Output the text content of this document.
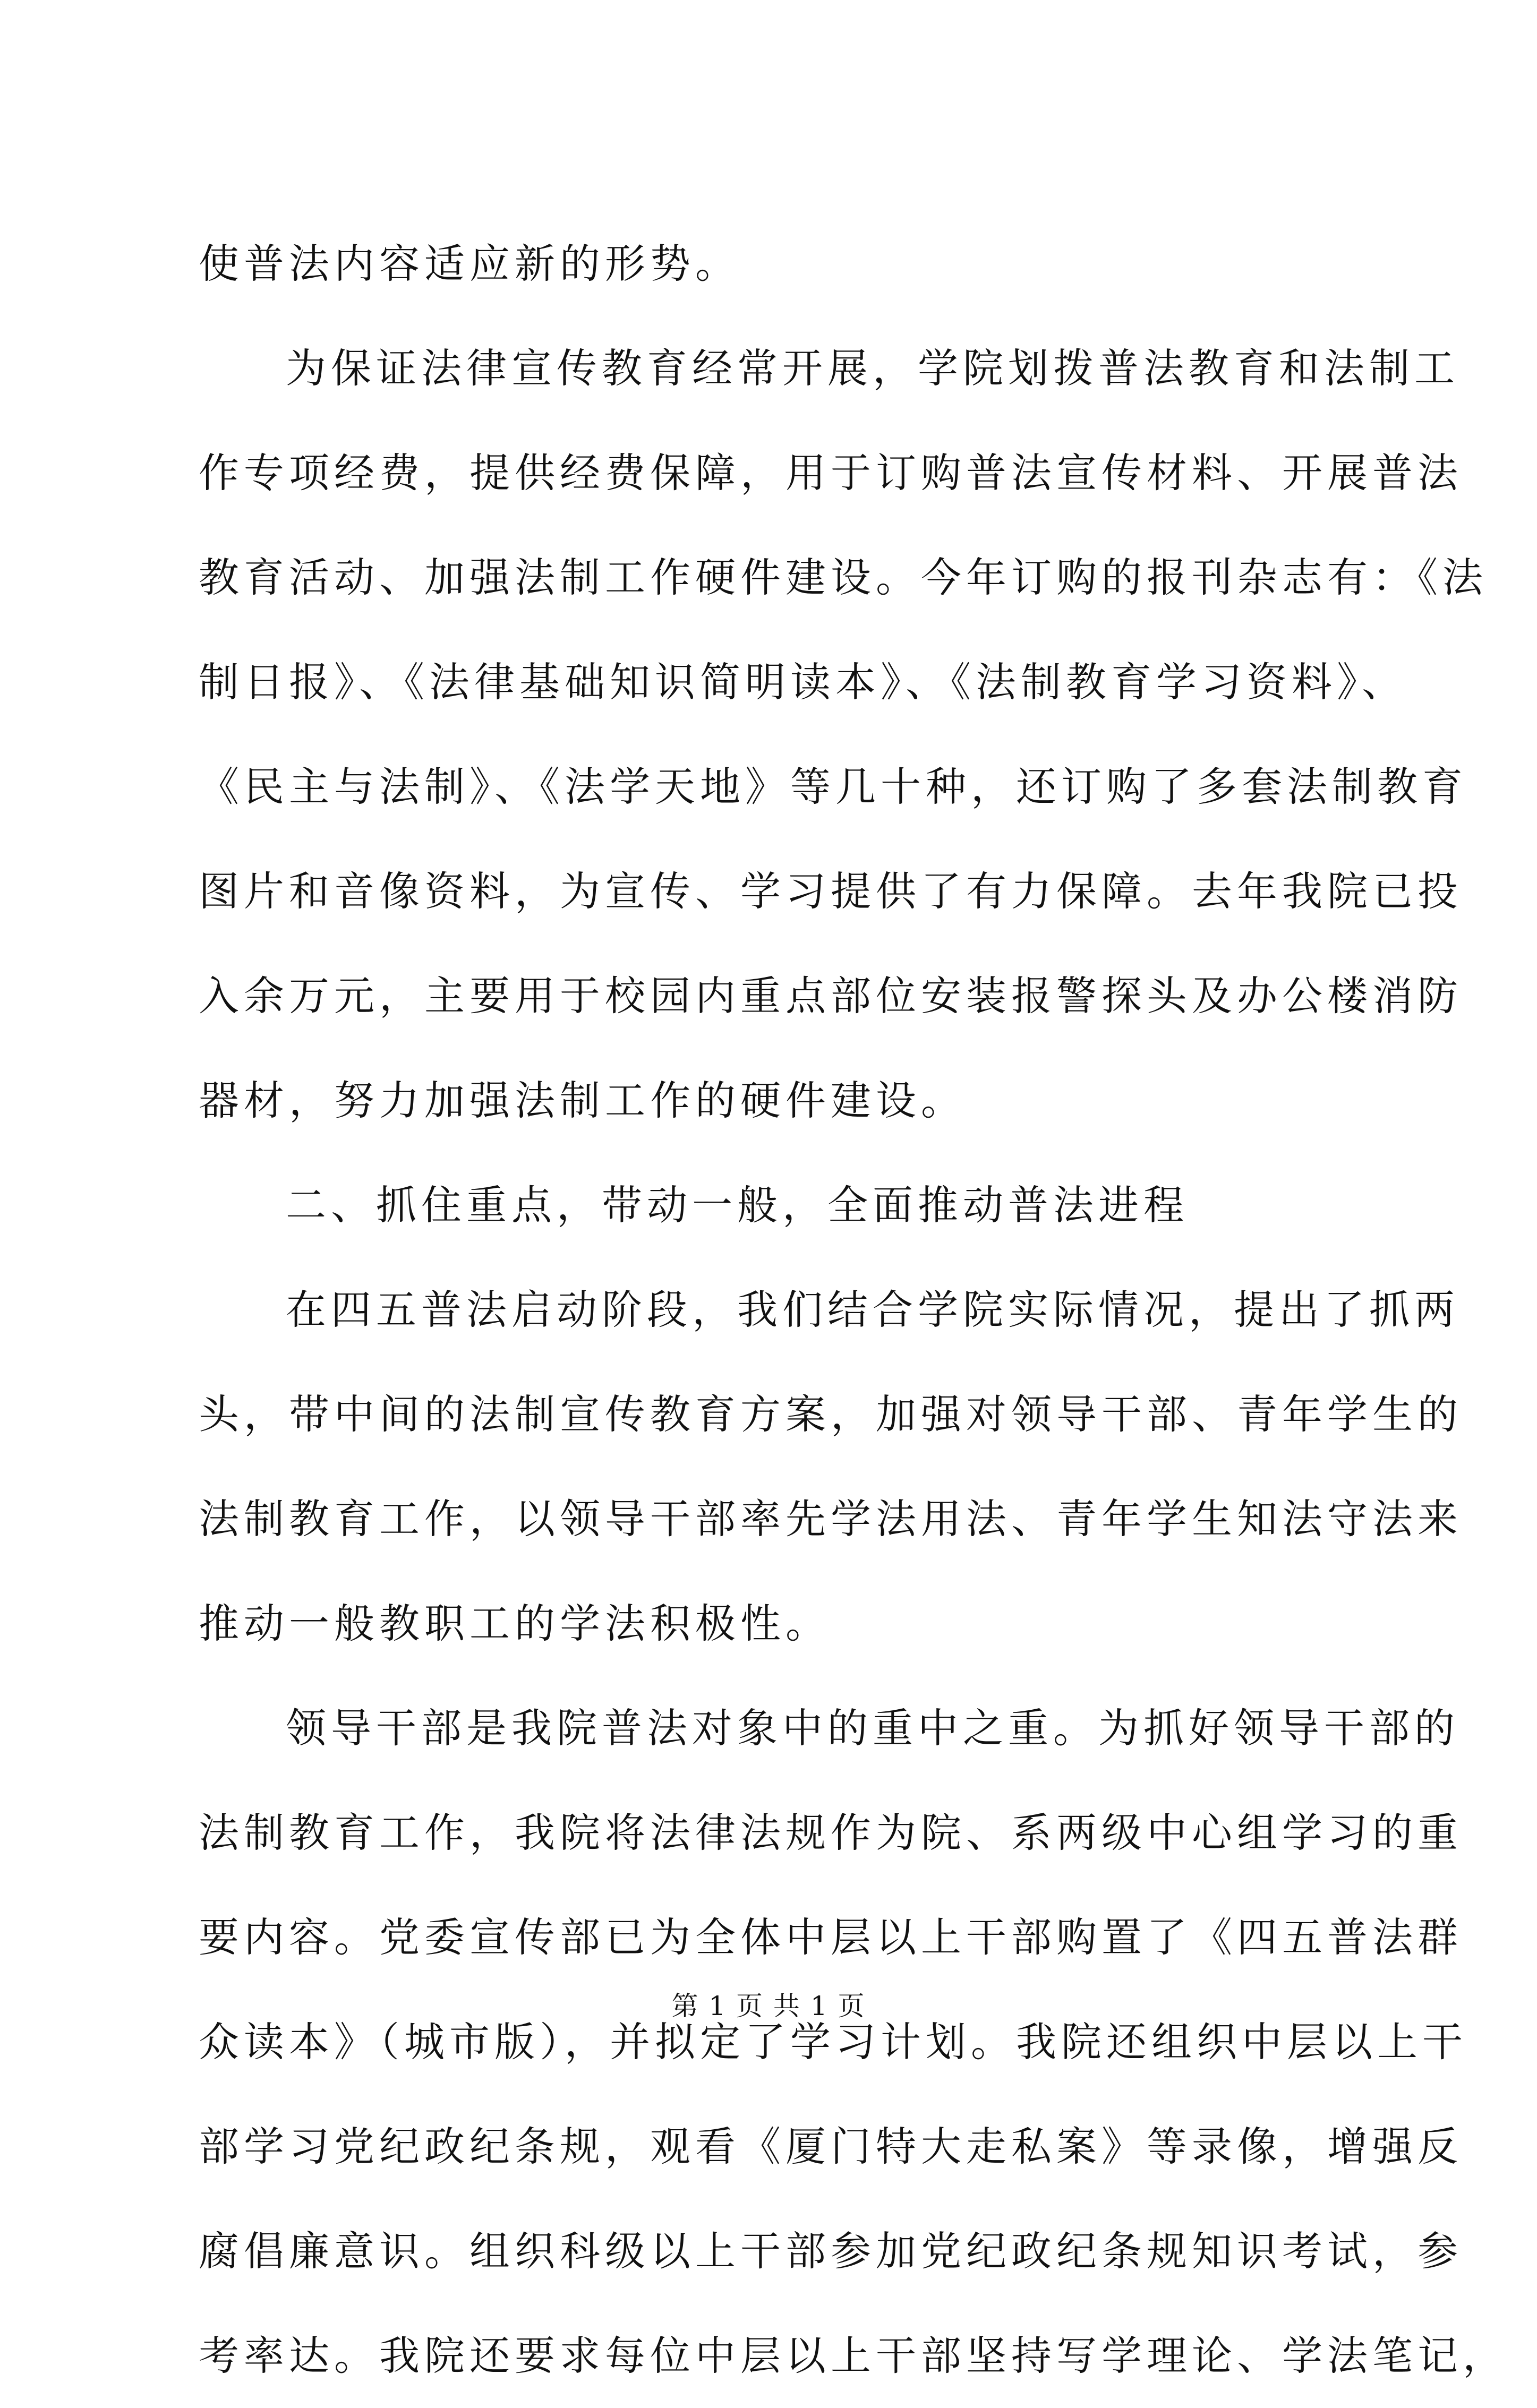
使普法内容适应新的形势。
为保证法律宣传教育经常开展，学院划拨普法教育和法制工
作专项经费，提供经费保障，用于订购普法宣传材料、开展普法
教育活动、加强法制工作硬件建设。今年订购的报刊杂志有：《法
制日报》、《法律基础知识简明读本》、《法制教育学习资料》、
《民主与法制》、《法学天地》等几十种，还订购了多套法制教育
图片和音像资料，为宣传、学习提供了有力保障。去年我院已投
入余万元，主要用于校园内重点部位安装报警探头及办公楼消防
器材，努力加强法制工作的硬件建设。
二、抓住重点，带动一般，全面推动普法进程
在四五普法启动阶段，我们结合学院实际情况，提出了抓两
头，带中间的法制宣传教育方案，加强对领导干部、青年学生的
法制教育工作，以领导干部率先学法用法、青年学生知法守法来
推动一般教职工的学法积极性。
领导干部是我院普法对象中的重中之重。为抓好领导干部的
法制教育工作，我院将法律法规作为院、系两级中心组学习的重
要内容。党委宣传部已为全体中层以上干部购置了《四五普法群
众读本》（城市版），并拟定了学习计划。我院还组织中层以上干
部学习党纪政纪条规，观看《厦门特大走私案》等录像，增强反
腐倡廉意识。组织科级以上干部参加党纪政纪条规知识考试，参
考率达。我院还要求每位中层以上干部坚持写学理论、学法笔记，
第 1 页 共 1 页
